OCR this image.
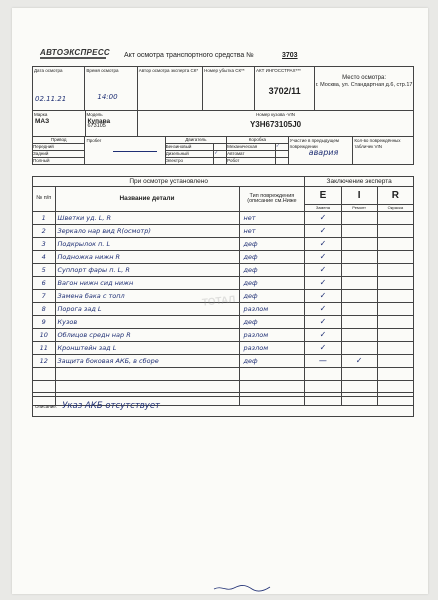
АВТОЭКСПРЕСС Акт осмотра транспортного средства №	3703
Дата осмотра
02.11.21

Время осмотра
14:00

Автор осмотра эксперта СК*	Номер убытка СК**	АКТ ИНГОССТРАХ***
3702/11

Место осмотра:
г. Москва, ул. Стандартная д.6, стр.17
Марка
МАЗ

Модель
Купава
673105

Номер кузова -VIN
Y3H673105J0
Привод	Пробег	Двигатель		Коробка		Участие в предыдущем повреждении
авария	Кол-во повреждённых табличек VIN

Передний		Бензиновый		Механическая	✓		
Задний		Дизельный	✓	Автомат			
Полный		Электро		Робот			
При осмотре установлено			Заключение эксперта		
№ п/п	Название детали	Тип повреждения (описание см.Ниже	E	I	R
			Замена	Ремонт	Окраска
1	Шветки уд. L, R	нет	✓		
2	Зеркало нар вид R(осмотр)	нет	✓		
3	Подкрылок п. L	деф	✓		
4	Подножка нижн R	деф	✓		
5	Суппорт фары п. L, R	деф	✓		
6	Вагон нижн сид нижн	деф	✓		
7	Замена бака с топл	деф	✓		
8	Порога зад L	разлом	✓		
9	Кузов	деф	✓		
10	Облицов средн нар R	разлом	✓		
11	Кронштейн зад L	разлом	✓		
12	Защита боковая АКБ, в сборе	деф	—	✓	

ТОТАЛ
Описание: Указ АКБ отсутствует
